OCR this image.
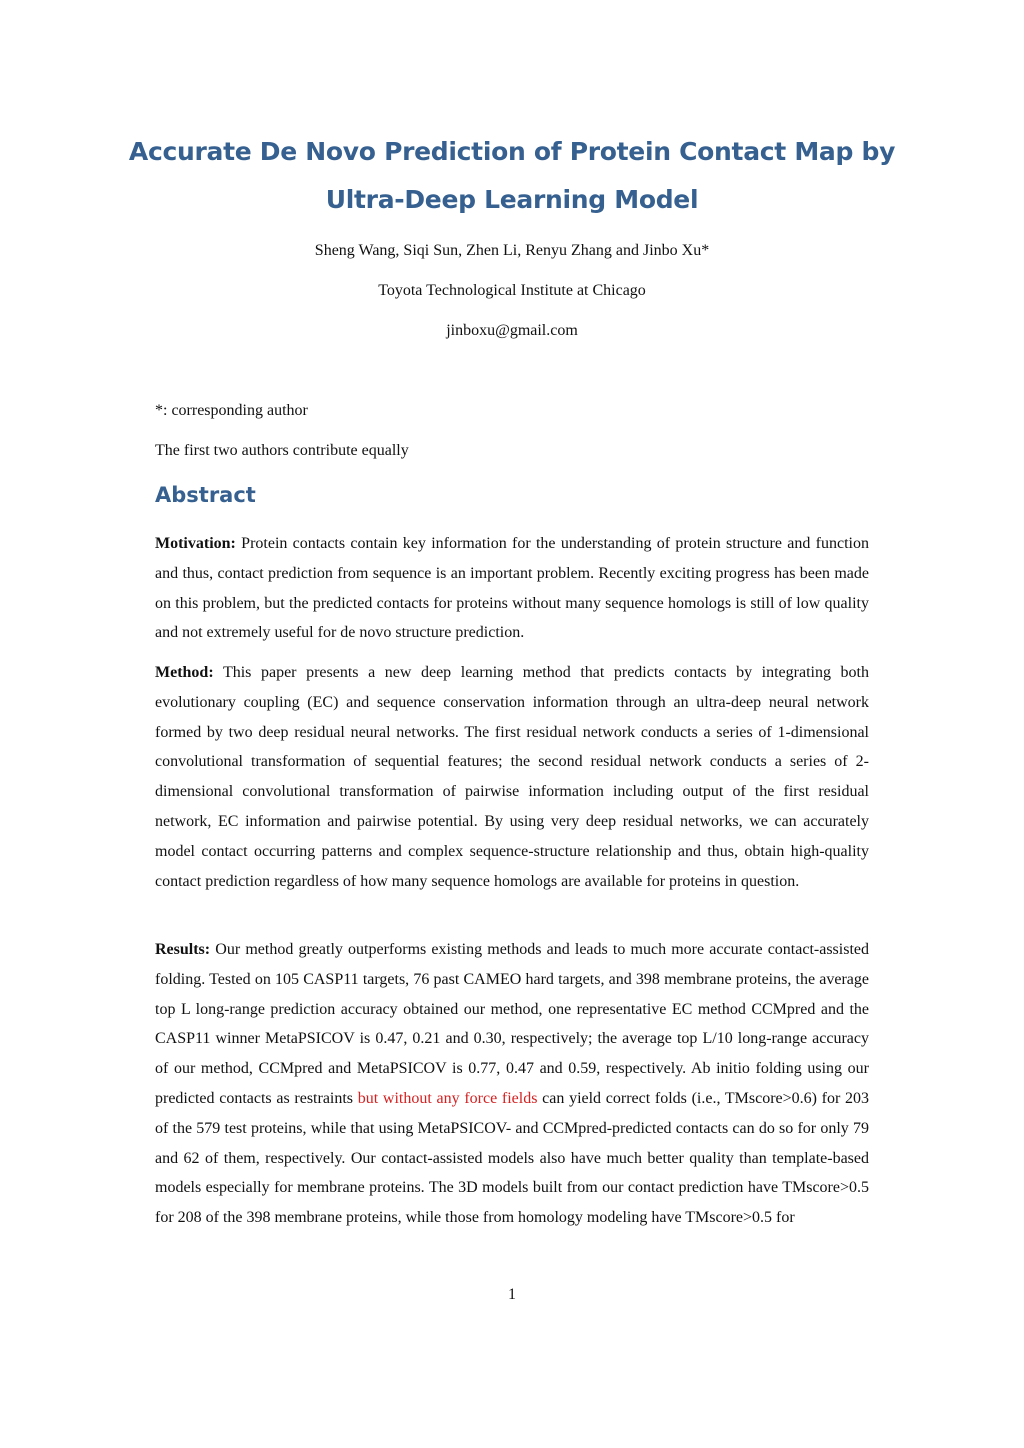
Accurate De Novo Prediction of Protein Contact Map by
Ultra-Deep Learning Model
Sheng Wang, Siqi Sun, Zhen Li, Renyu Zhang and Jinbo Xu*
Toyota Technological Institute at Chicago
jinboxu@gmail.com
*: corresponding author
The first two authors contribute equally
Abstract

Motivation: Protein contacts contain key information for the understanding of protein structure and function and thus, contact prediction from sequence is an important problem. Recently exciting progress has been made on this problem, but the predicted contacts for proteins without many sequence homologs is still of low quality and not extremely useful for de novo structure prediction.

Method: This paper presents a new deep learning method that predicts contacts by integrating both evolutionary coupling (EC) and sequence conservation information through an ultra-deep neural network formed by two deep residual neural networks. The first residual network conducts a series of 1-dimensional convolutional transformation of sequential features; the second residual network conducts a series of 2-dimensional convolutional transformation of pairwise information including output of the first residual network, EC information and pairwise potential. By using very deep residual networks, we can accurately model contact occurring patterns and complex sequence-structure relationship and thus, obtain high-quality contact prediction regardless of how many sequence homologs are available for proteins in question.

Results: Our method greatly outperforms existing methods and leads to much more accurate contact-assisted folding. Tested on 105 CASP11 targets, 76 past CAMEO hard targets, and 398 membrane proteins, the average top L long-range prediction accuracy obtained our method, one representative EC method CCMpred and the CASP11 winner MetaPSICOV is 0.47, 0.21 and 0.30, respectively; the average top L/10 long-range accuracy of our method, CCMpred and MetaPSICOV is 0.77, 0.47 and 0.59, respectively. Ab initio folding using our predicted contacts as restraints but without any force fields can yield correct folds (i.e., TMscore>0.6) for 203 of the 579 test proteins, while that using MetaPSICOV- and CCMpred-predicted contacts can do so for only 79 and 62 of them, respectively. Our contact-assisted models also have much better quality than template-based models especially for membrane proteins. The 3D models built from our contact prediction have TMscore>0.5 for 208 of the 398 membrane proteins, while those from homology modeling have TMscore>0.5 for

1
